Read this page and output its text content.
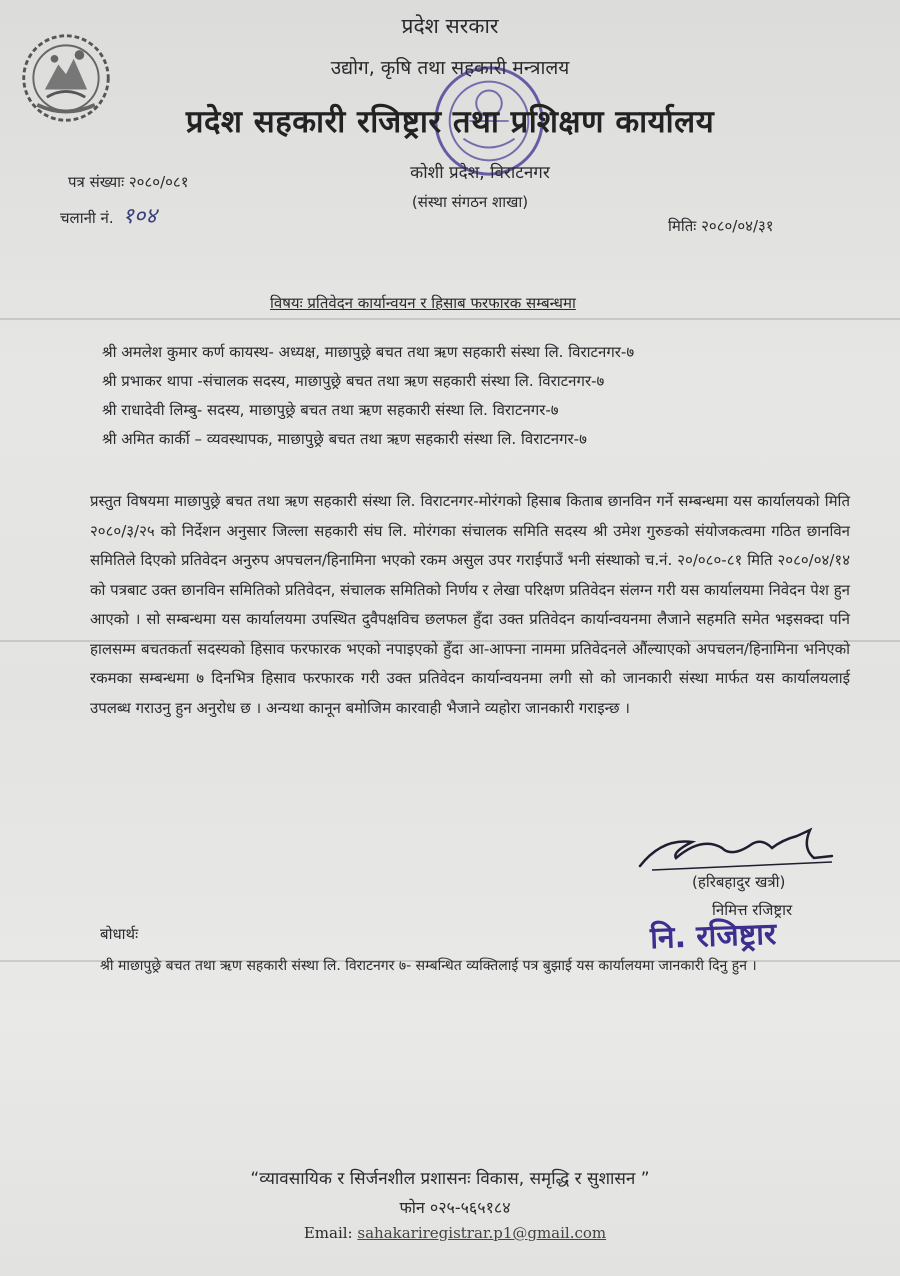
प्रदेश सरकार
उद्योग, कृषि तथा सहकारी मन्त्रालय
प्रदेश सहकारी रजिष्ट्रार तथा प्रशिक्षण कार्यालय
कोशी प्रदेश, विराटनगर
(संस्था संगठन शाखा)
पत्र संख्याः २०८०/०८१
चलानी नं. १०४	मितिः २०८०/०४/३१
विषयः प्रतिवेदन कार्यान्वयन र हिसाब फरफारक सम्बन्धमा
श्री अमलेश कुमार कर्ण कायस्थ- अध्यक्ष, माछापुछ्रे बचत तथा ऋण सहकारी संस्था लि. विराटनगर-७
श्री प्रभाकर थापा -संचालक सदस्य, माछापुछ्रे बचत तथा ऋण सहकारी संस्था लि. विराटनगर-७
श्री राधादेवी लिम्बु- सदस्य, माछापुछ्रे बचत तथा ऋण सहकारी संस्था लि. विराटनगर-७
श्री अमित कार्की – व्यवस्थापक, माछापुछ्रे बचत तथा ऋण सहकारी संस्था लि. विराटनगर-७

प्रस्तुत विषयमा माछापुछ्रे बचत तथा ऋण सहकारी संस्था लि. विराटनगर-मोरंगको हिसाब किताब छानविन गर्ने सम्बन्धमा यस कार्यालयको मिति २०८०/३/२५ को निर्देशन अनुसार जिल्ला सहकारी संघ लि. मोरंगका संचालक समिति सदस्य श्री उमेश गुरुङको संयोजकत्वमा गठित छानविन समितिले दिएको प्रतिवेदन अनुरुप अपचलन/हिनामिना भएको रकम असुल उपर गराईपाउँ भनी संस्थाको च.नं. २०/०८०-८१ मिति २०८०/०४/१४ को पत्रबाट उक्त छानविन समितिको प्रतिवेदन, संचालक समितिको निर्णय र लेखा परिक्षण प्रतिवेदन संलग्न गरी यस कार्यालयमा निवेदन पेश हुन आएको । सो सम्बन्धमा यस कार्यालयमा उपस्थित दुवैपक्षविच छलफल हुँदा उक्त प्रतिवेदन कार्यान्वयनमा लैजाने सहमति समेत भइसक्दा पनि हालसम्म बचतकर्ता सदस्यको हिसाव फरफारक भएको नपाइएको हुँदा आ-आफ्ना नाममा प्रतिवेदनले औंल्याएको अपचलन/हिनामिना भनिएको रकमका सम्बन्धमा ७ दिनभित्र हिसाव फरफारक गरी उक्त प्रतिवेदन कार्यान्वयनमा लगी सो को जानकारी संस्था मार्फत यस कार्यालयलाई उपलब्ध गराउनु हुन अनुरोध छ । अन्यथा कानून बमोजिम कारवाही भैजाने व्यहोरा जानकारी गराइन्छ ।

(हरिबहादुर खत्री)
निमित्त रजिष्ट्रार
नि. रजिष्ट्रार
बोधार्थः

श्री माछापुछ्रे बचत तथा ऋण सहकारी संस्था लि. विराटनगर ७- सम्बन्धित व्यक्तिलाई पत्र बुझाई यस कार्यालयमा जानकारी दिनु हुन ।

“व्यावसायिक र सिर्जनशील प्रशासनः विकास, समृद्धि र सुशासन ”
फोन ०२५-५६५१८४
Email: sahakariregistrar.p1@gmail.com
